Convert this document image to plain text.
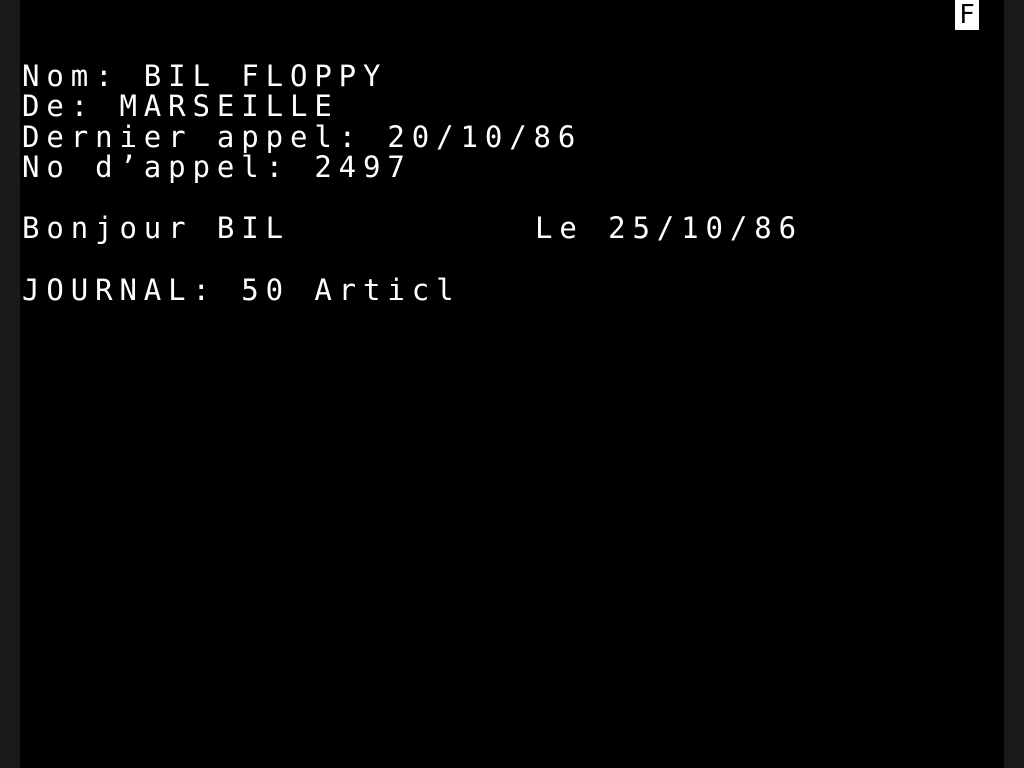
F
Nom: BIL FLOPPY
De: MARSEILLE
Dernier appel: 20/10/86
No d’appel: 2497
Bonjour BIL	Le 25/10/86
JOURNAL: 50 Articl
